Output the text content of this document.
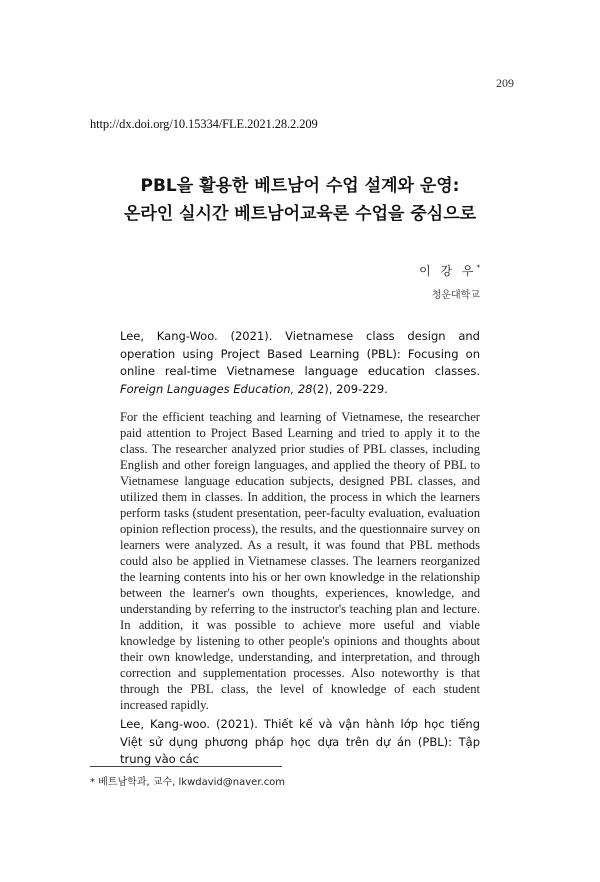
209
http://dx.doi.org/10.15334/FLE.2021.28.2.209
PBL을 활용한 베트남어 수업 설계와 운영:
온라인 실시간 베트남어교육론 수업을 중심으로
이 강 우*
청운대학교
Lee, Kang-Woo. (2021). Vietnamese class design and operation using Project Based Learning (PBL): Focusing on online real-time Vietnamese language education classes. Foreign Languages Education, 28(2), 209-229.
For the efficient teaching and learning of Vietnamese, the researcher paid attention to Project Based Learning and tried to apply it to the class. The researcher analyzed prior studies of PBL classes, including English and other foreign languages, and applied the theory of PBL to Vietnamese language education subjects, designed PBL classes, and utilized them in classes. In addition, the process in which the learners perform tasks (student presentation, peer-faculty evaluation, evaluation opinion reflection process), the results, and the questionnaire survey on learners were analyzed. As a result, it was found that PBL methods could also be applied in Vietnamese classes. The learners reorganized the learning contents into his or her own knowledge in the relationship between the learner's own thoughts, experiences, knowledge, and understanding by referring to the instructor's teaching plan and lecture. In addition, it was possible to achieve more useful and viable knowledge by listening to other people's opinions and thoughts about their own knowledge, understanding, and interpretation, and through correction and supplementation processes. Also noteworthy is that through the PBL class, the level of knowledge of each student increased rapidly.
Lee, Kang-woo. (2021). Thiết kế và vận hành lớp học tiếng Việt sử dụng phương pháp học dựa trên dự án (PBL): Tập trung vào các
* 베트남학과, 교수, lkwdavid@naver.com
